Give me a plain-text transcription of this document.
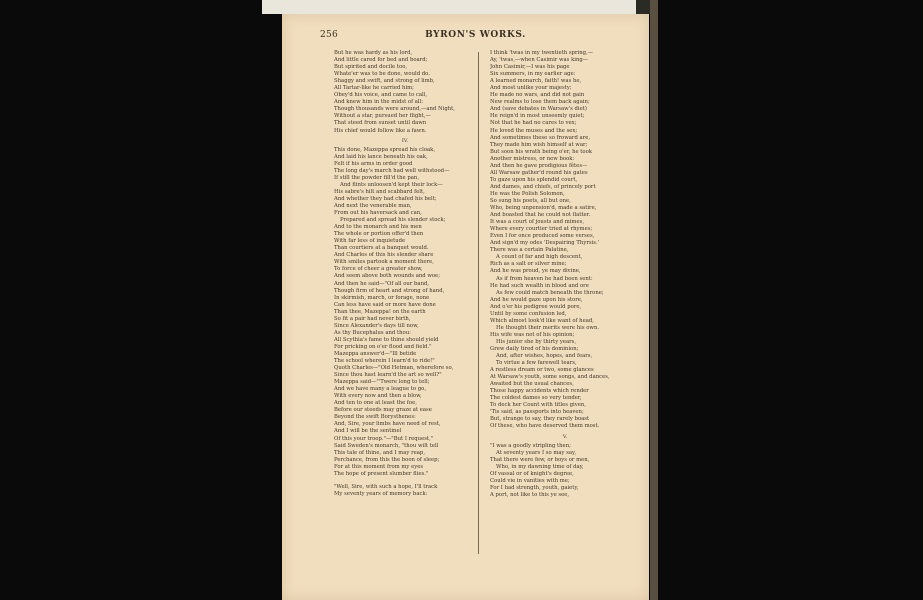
256	BYRON'S WORKS.
But he was hardy as his lord,
And little cared for bed and board;
But spirited and docile too,
Whate'er was to be done, would do.
Shaggy and swift, and strong of limb,
All Tartar-like he carried him;
Obey'd his voice, and came to call,
And knew him in the midst of all:
Though thousands were around,—and Night,
Without a star, pursued her flight,—
That steed from sunset until dawn
His chief would follow like a fawn.
IV.
This done, Mazeppa spread his cloak,
And laid his lance beneath his oak,
Felt if his arms in order good
The long day's march had well withstood—
If still the powder fill'd the pan,
And flints unloosen'd kept their lock—
His sabre's hilt and scabbard felt,
And whether they had chafed his belt;
And next the venerable man,
From out his haversack and can,
Prepared and spread his slender stock;
And to the monarch and his men
The whole or portion offer'd then
With far less of inquietude
Than courtiers at a banquet would.
And Charles of this his slender share
With smiles partook a moment there,
To force of cheer a greater show,
And seem above both wounds and woe;
And then he said—"Of all our band,
Though firm of heart and strong of hand,
In skirmish, march, or forage, none
Can less have said or more have done
Than thee, Mazeppa! on the earth
So fit a pair had never birth,
Since Alexander's days till now,
As thy Bucephalus and thou:
All Scythia's fame to thine should yield
For pricking on o'er flood and field."
Mazeppa answer'd—"Ill betide
The school wherein I learn'd to ride!"
Quoth Charles—"Old Hetman, wherefore so,
Since thou hast learn'd the art so well?"
Mazeppa said—"'Twere long to tell;
And we have many a league to go,
With every now and then a blow,
And ten to one at least the foe,
Before our steeds may graze at ease
Beyond the swift Borysthenes:
And, Sire, your limbs have need of rest,
And I will be the sentinel
Of this your troop."—"But I request,"
Said Sweden's monarch, "thou wilt tell
This tale of thine, and I may reap,
Perchance, from this the boon of sleep;
For at this moment from my eyes
The hope of present slumber flies."
"Well, Sire, with such a hope, I'll track
My seventy years of memory back:
I think 'twas in my twentieth spring,—
Ay, 'twas,—when Casimir was king—
John Casimir,—I was his page
Six summers, in my earlier age:
A learned monarch, faith! was he,
And most unlike your majesty;
He made no wars, and did not gain
New realms to lose them back again;
And (save debates in Warsaw's diet)
He reign'd in most unseemly quiet;
Not that he had no cares to vex;
He loved the muses and the sex;
And sometimes these so froward are,
They made him wish himself at war;
But soon his wrath being o'er, he took
Another mistress, or new book:
And then he gave prodigious fêtes—
All Warsaw gather'd round his gates
To gaze upon his splendid court,
And dames, and chiefs, of princely port
He was the Polish Solomon,
So sung his poets, all but one,
Who, being unpension'd, made a satire,
And boasted that he could not flatter.
It was a court of jousts and mimes,
Where every courtier tried at rhymes;
Even I for once produced some verses,
And sign'd my odes 'Despairing Thyrsis.'
There was a certain Palatine,
A count of far and high descent,
Rich as a salt or silver mine;
And he was proud, ye may divine,
As if from heaven he had been sent:
He had such wealth in blood and ore
As few could match beneath the throne;
And he would gaze upon his store,
And o'er his pedigree would pore,
Until by some confusion led,
Which almost look'd like want of head,
He thought their merits were his own.
His wife was not of his opinion;
His junior she by thirty years,
Grew daily tired of his dominion;
And, after wishes, hopes, and fears,
To virtue a few farewell tears,
A restless dream or two, some glances
At Warsaw's youth, some songs, and dances,
Awaited but the usual chances,
Those happy accidents which render
The coldest dames so very tender,
To deck her Count with titles given,
'Tis said, as passports into heaven;
But, strange to say, they rarely boast
Of these, who have deserved them most.
V.
"I was a goodly stripling then;
At seventy years I so may say,
That there were few, or boys or men,
Who, in my dawning time of day,
Of vassal or of knight's degree,
Could vie in vanities with me;
For I had strength, youth, gaiety,
A port, not like to this ye see,
